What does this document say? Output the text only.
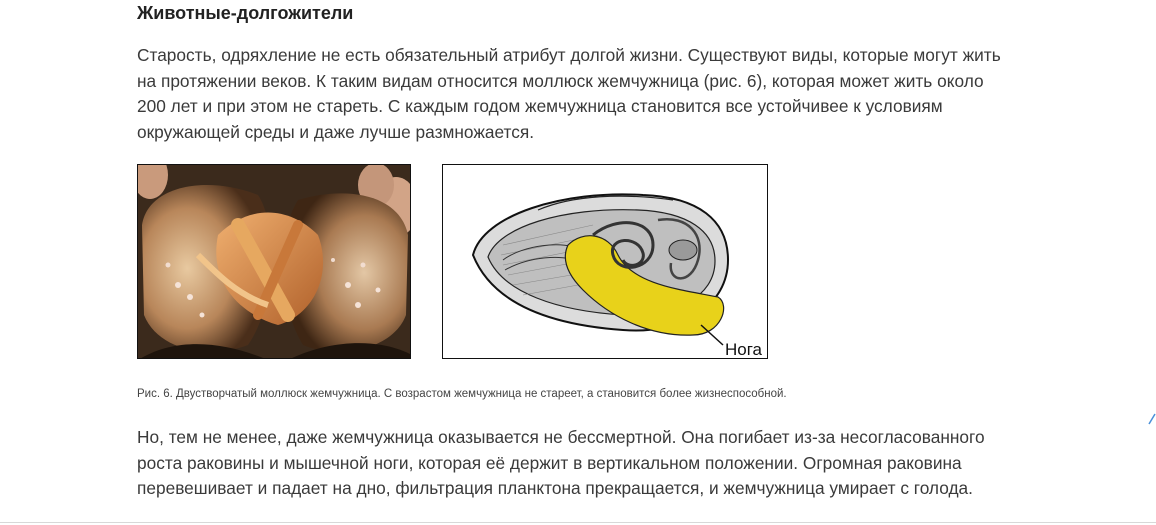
Животные-долгожители

Старость, одряхление не есть обязательный атрибут долгой жизни. Существуют виды, которые могут жить на протяжении веков. К таким видам относится моллюск жемчужница (рис. 6), которая может жить около 200 лет и при этом не стареть. С каждым годом жемчужница становится все устойчивее к условиям окружающей среды и даже лучше размножается.

Нога

Рис. 6. Двустворчатый моллюск жемчужница. С возрастом жемчужница не стареет, а становится более жизнеспособной.

Но, тем не менее, даже жемчужница оказывается не бессмертной. Она погибает из-за несогласованного роста раковины и мышечной ноги, которая её держит в вертикальном положении. Огромная раковина перевешивает и падает на дно, фильтрация планктона прекращается, и жемчужница умирает с голода.
